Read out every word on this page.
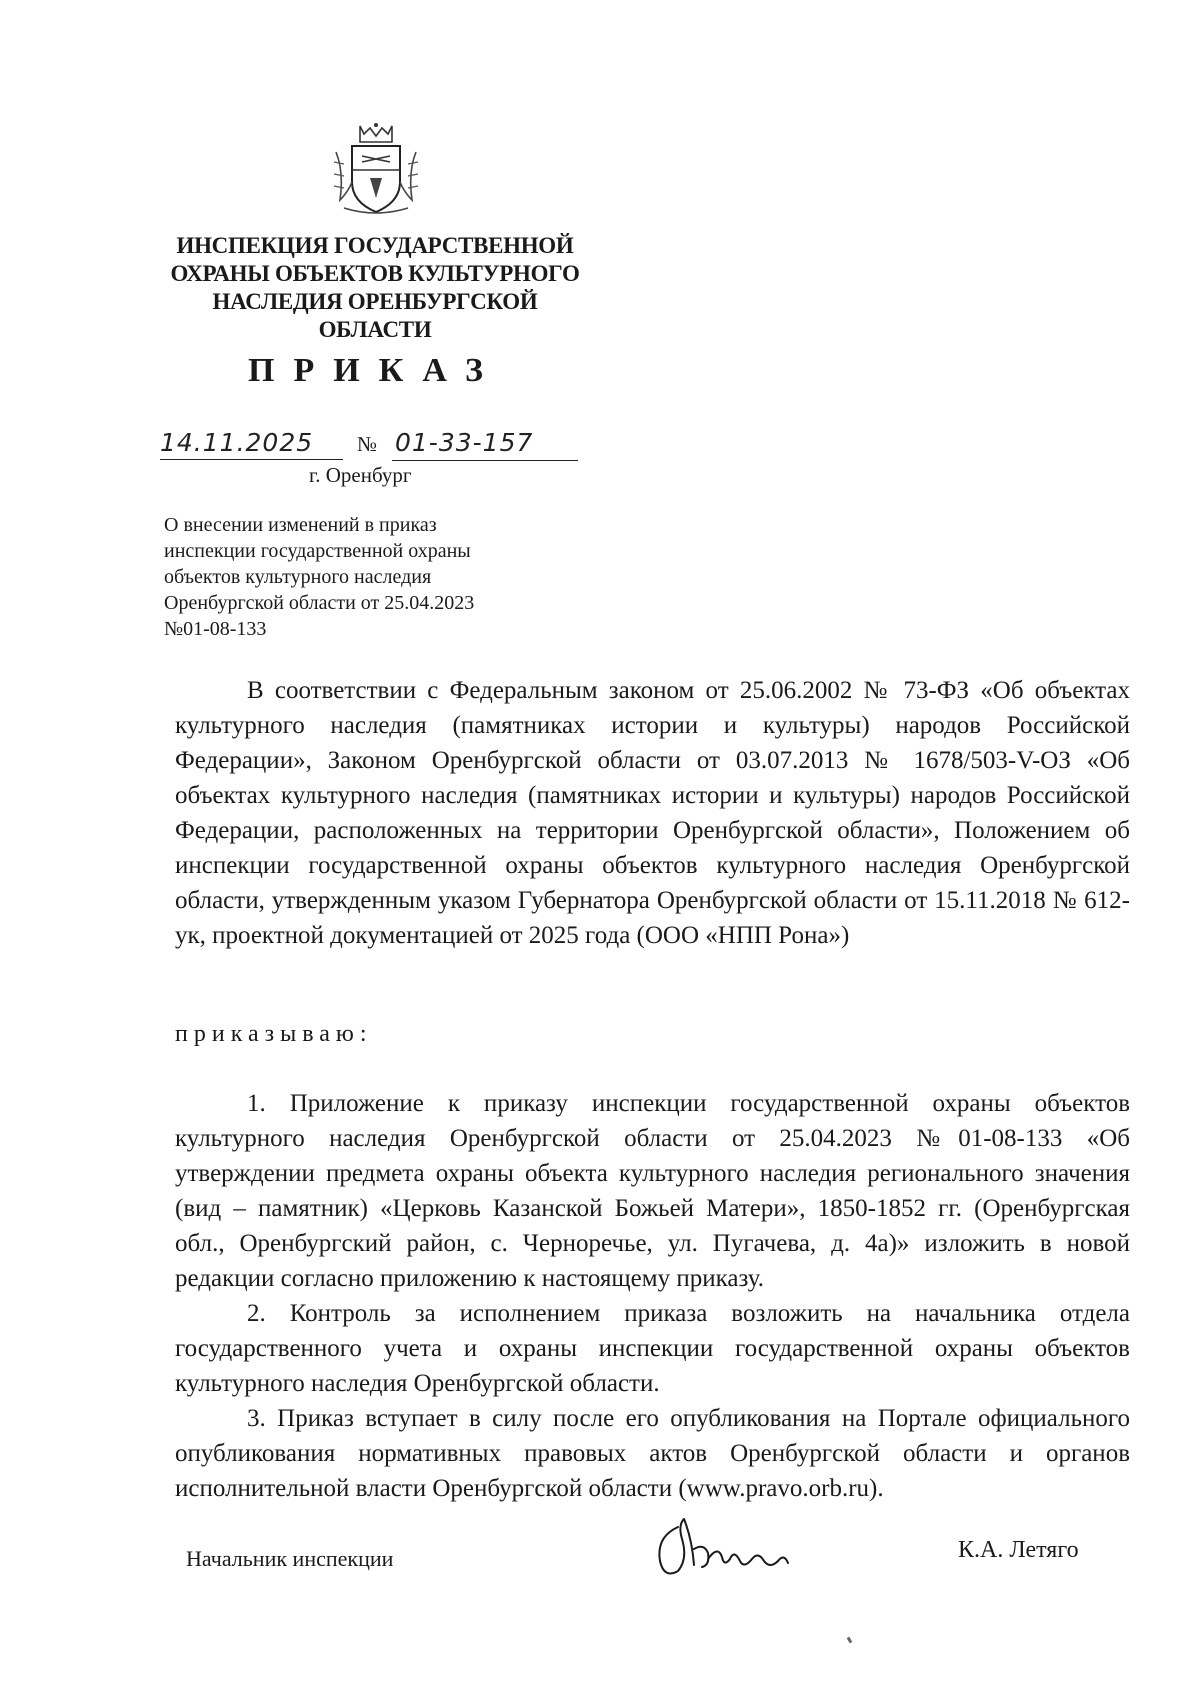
ИНСПЕКЦИЯ ГОСУДАРСТВЕННОЙ
ОХРАНЫ ОБЪЕКТОВ КУЛЬТУРНОГО
НАСЛЕДИЯ ОРЕНБУРГСКОЙ
ОБЛАСТИ
ПРИКАЗ
14.11.2025 № 01-33-157
г. Оренбург
О внесении изменений в приказ
инспекции государственной охраны
объектов культурного наследия
Оренбургской области от 25.04.2023
№01-08-133
В соответствии с Федеральным законом от 25.06.2002 № 73-ФЗ «Об объектах культурного наследия (памятниках истории и культуры) народов Российской Федерации», Законом Оренбургской области от 03.07.2013 № 1678/503-V-ОЗ «Об объектах культурного наследия (памятниках истории и культуры) народов Российской Федерации, расположенных на территории Оренбургской области», Положением об инспекции государственной охраны объектов культурного наследия Оренбургской области, утвержденным указом Губернатора Оренбургской области от 15.11.2018 № 612-ук, проектной документацией от 2025 года (ООО «НПП Рона»)
приказываю:

1. Приложение к приказу инспекции государственной охраны объектов культурного наследия Оренбургской области от 25.04.2023 №01-08-133 «Об утверждении предмета охраны объекта культурного наследия регионального значения (вид – памятник) «Церковь Казанской Божьей Матери», 1850-1852 гг. (Оренбургская обл., Оренбургский район, с. Черноречье, ул. Пугачева, д. 4а)» изложить в новой редакции согласно приложению к настоящему приказу.

2. Контроль за исполнением приказа возложить на начальника отдела государственного учета и охраны инспекции государственной охраны объектов культурного наследия Оренбургской области.

3. Приказ вступает в силу после его опубликования на Портале официального опубликования нормативных правовых актов Оренбургской области и органов исполнительной власти Оренбургской области (www.pravo.orb.ru).

Начальник инспекции	К.А. Летяго
